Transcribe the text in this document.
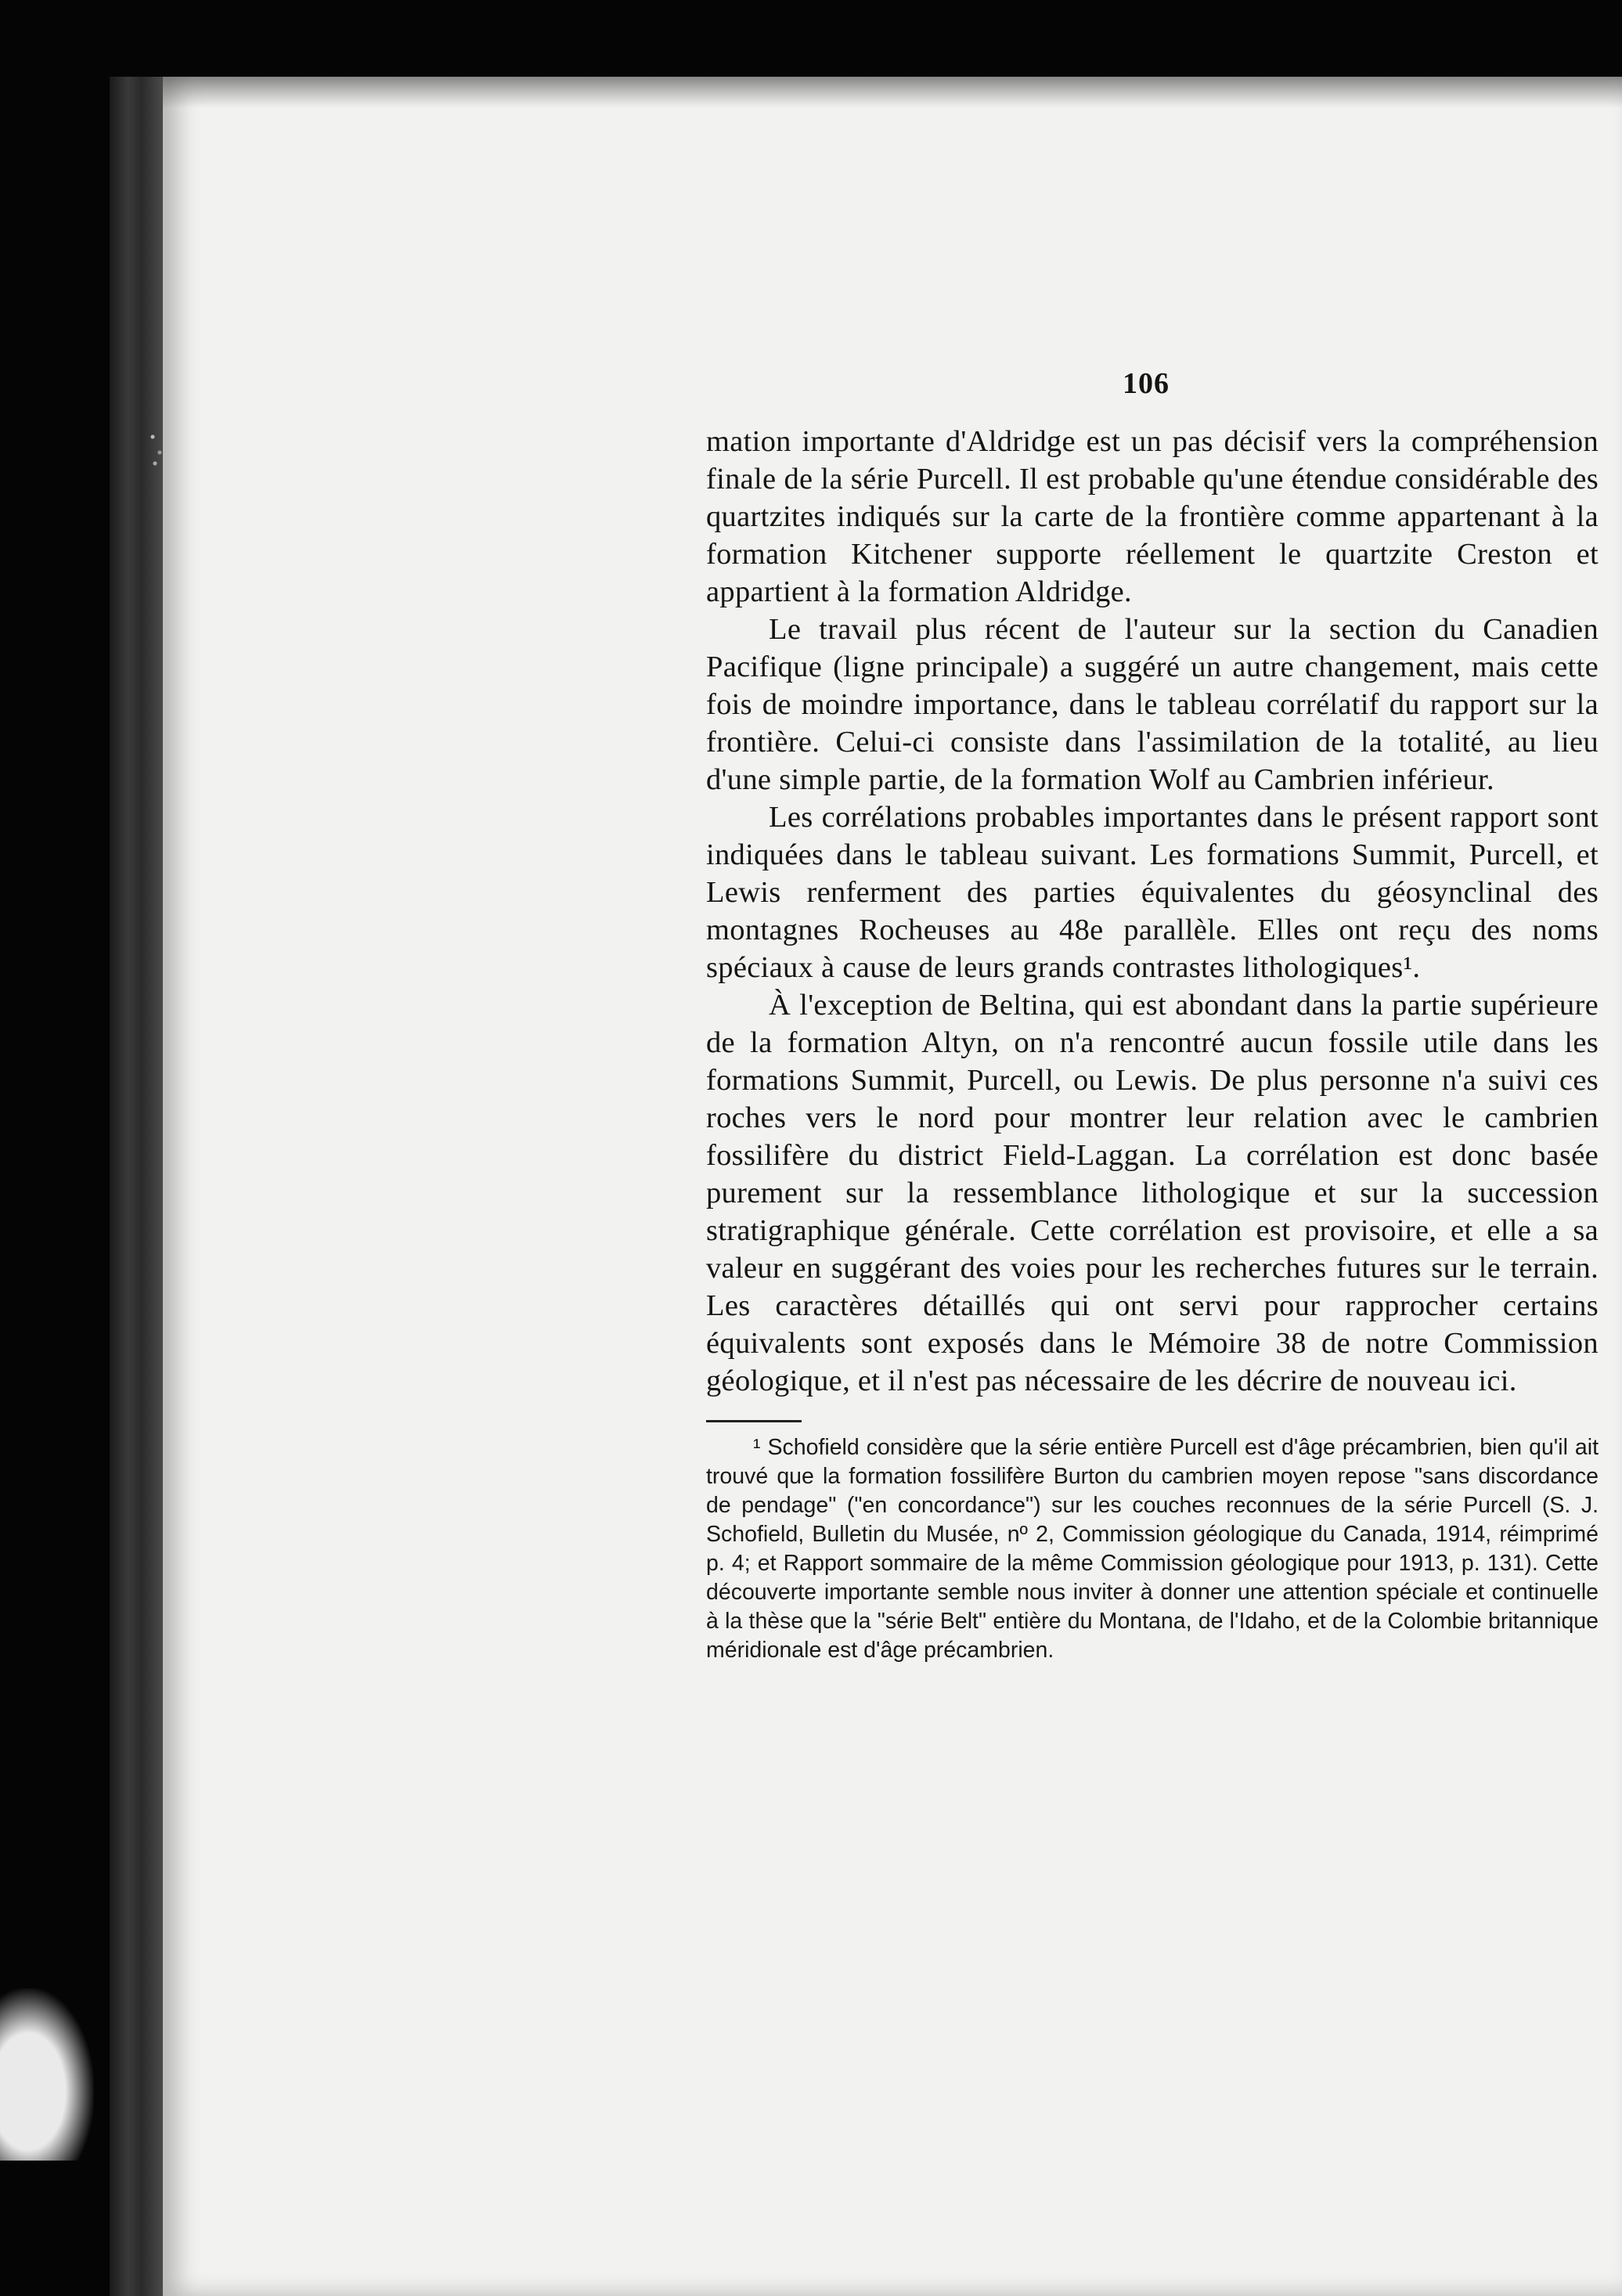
106

mation importante d'Aldridge est un pas décisif vers la compréhension finale de la série Purcell. Il est probable qu'une étendue considérable des quartzites indiqués sur la carte de la frontière comme appartenant à la formation Kitchener supporte réellement le quartzite Creston et appartient à la formation Aldridge.

Le travail plus récent de l'auteur sur la section du Canadien Pacifique (ligne principale) a suggéré un autre changement, mais cette fois de moindre importance, dans le tableau corrélatif du rapport sur la frontière. Celui-ci consiste dans l'assimilation de la totalité, au lieu d'une simple partie, de la formation Wolf au Cambrien inférieur.

Les corrélations probables importantes dans le présent rapport sont indiquées dans le tableau suivant. Les formations Summit, Purcell, et Lewis renferment des parties équivalentes du géosynclinal des montagnes Rocheuses au 48e parallèle. Elles ont reçu des noms spéciaux à cause de leurs grands contrastes lithologiques¹.

À l'exception de Beltina, qui est abondant dans la partie supérieure de la formation Altyn, on n'a rencontré aucun fossile utile dans les formations Summit, Purcell, ou Lewis. De plus personne n'a suivi ces roches vers le nord pour montrer leur relation avec le cambrien fossilifère du district Field-Laggan. La corrélation est donc basée purement sur la ressemblance lithologique et sur la succession stratigraphique générale. Cette corrélation est provisoire, et elle a sa valeur en suggérant des voies pour les recherches futures sur le terrain. Les caractères détaillés qui ont servi pour rapprocher certains équivalents sont exposés dans le Mémoire 38 de notre Commission géologique, et il n'est pas nécessaire de les décrire de nouveau ici.

¹ Schofield considère que la série entière Purcell est d'âge précambrien, bien qu'il ait trouvé que la formation fossilifère Burton du cambrien moyen repose "sans discordance de pendage" ("en concordance") sur les couches reconnues de la série Purcell (S. J. Schofield, Bulletin du Musée, nº 2, Commission géologique du Canada, 1914, réimprimé p. 4; et Rapport sommaire de la même Commission géologique pour 1913, p. 131). Cette découverte importante semble nous inviter à donner une attention spéciale et continuelle à la thèse que la "série Belt" entière du Montana, de l'Idaho, et de la Colombie britannique méridionale est d'âge précambrien.
